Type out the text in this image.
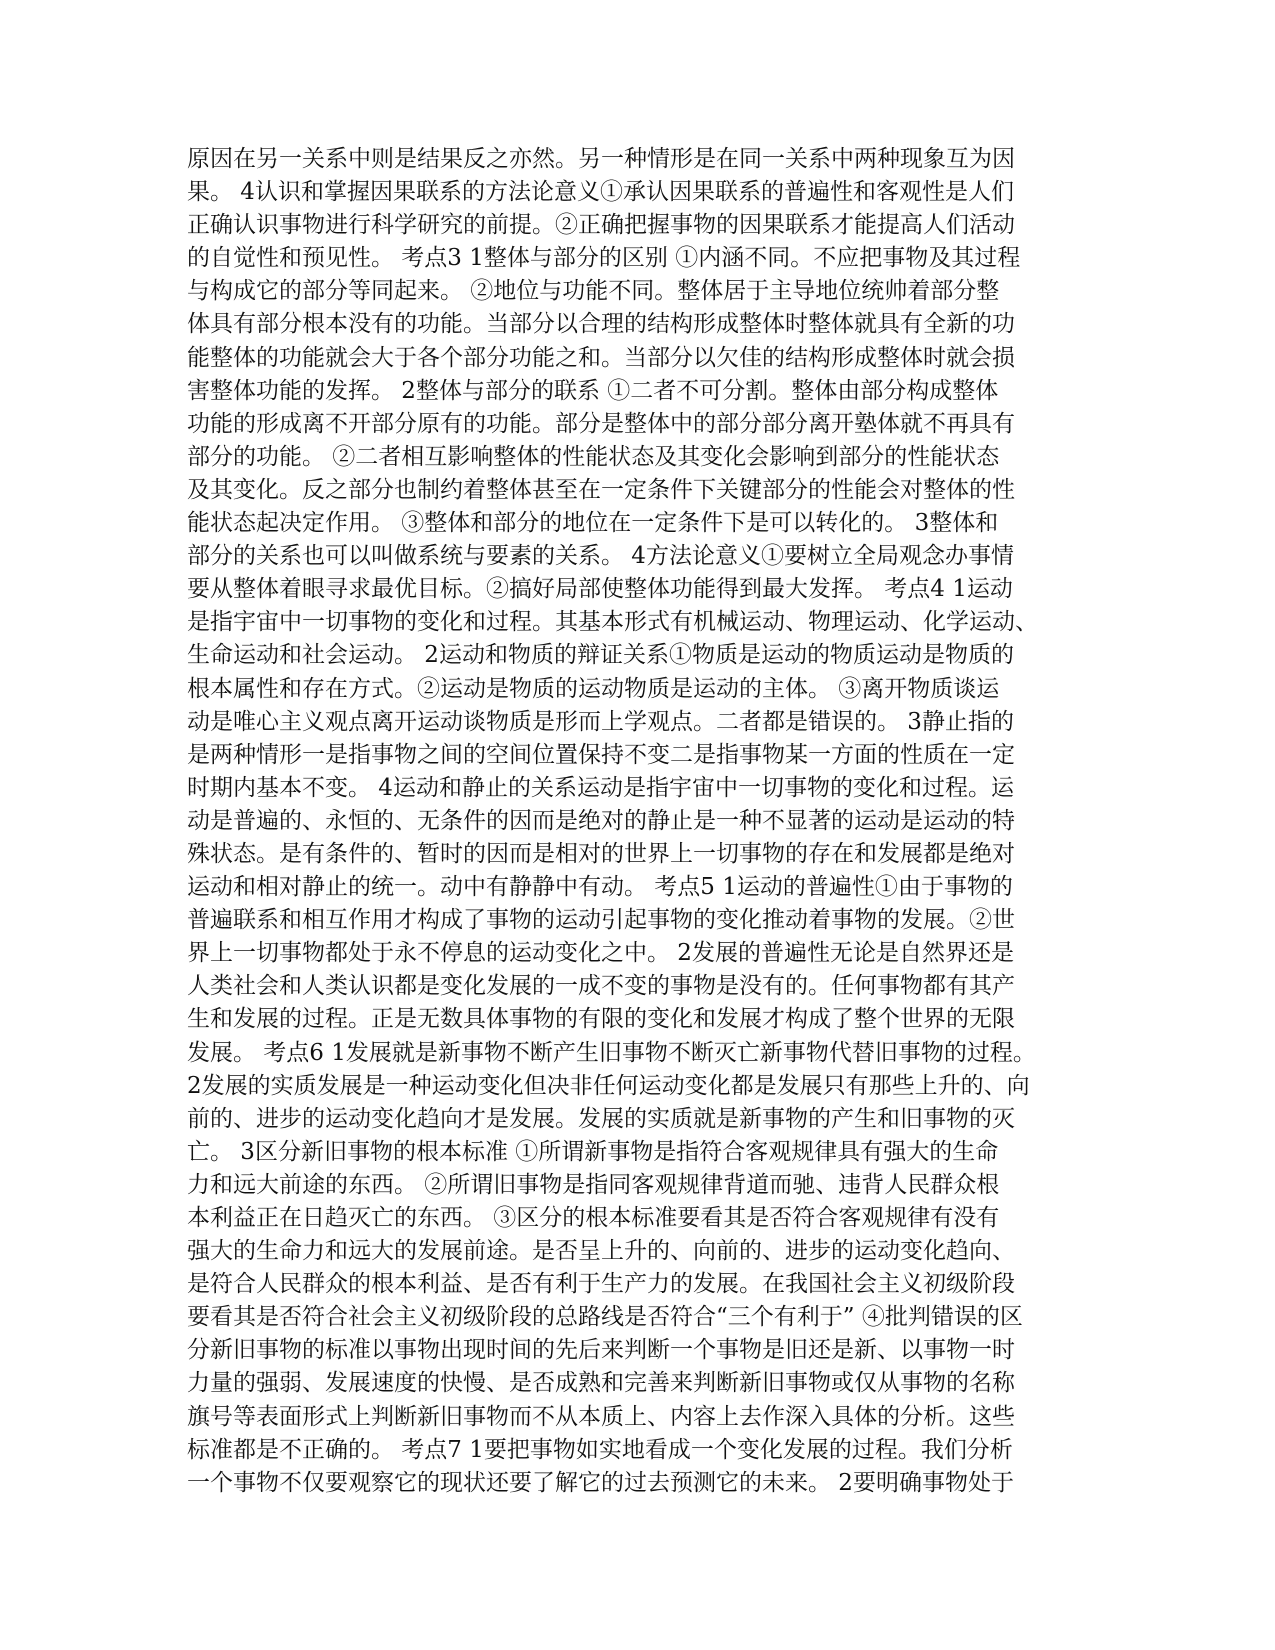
原因在另一关系中则是结果反之亦然。另一种情形是在同一关系中两种现象互为因
果。 4认识和掌握因果联系的方法论意义①承认因果联系的普遍性和客观性是人们
正确认识事物进行科学研究的前提。②正确把握事物的因果联系才能提高人们活动
的自觉性和预见性。 考点3 1整体与部分的区别 ①内涵不同。不应把事物及其过程
与构成它的部分等同起来。 ②地位与功能不同。整体居于主导地位统帅着部分整
体具有部分根本没有的功能。当部分以合理的结构形成整体时整体就具有全新的功
能整体的功能就会大于各个部分功能之和。当部分以欠佳的结构形成整体时就会损
害整体功能的发挥。 2整体与部分的联系 ①二者不可分割。整体由部分构成整体
功能的形成离不开部分原有的功能。部分是整体中的部分部分离开塾体就不再具有
部分的功能。 ②二者相互影响整体的性能状态及其变化会影响到部分的性能状态
及其变化。反之部分也制约着整体甚至在一定条件下关键部分的性能会对整体的性
能状态起决定作用。 ③整体和部分的地位在一定条件下是可以转化的。 3整体和
部分的关系也可以叫做系统与要素的关系。 4方法论意义①要树立全局观念办事情
要从整体着眼寻求最优目标。②搞好局部使整体功能得到最大发挥。 考点4 1运动
是指宇宙中一切事物的变化和过程。其基本形式有机械运动、物理运动、化学运动、
生命运动和社会运动。 2运动和物质的辩证关系①物质是运动的物质运动是物质的
根本属性和存在方式。②运动是物质的运动物质是运动的主体。 ③离开物质谈运
动是唯心主义观点离开运动谈物质是形而上学观点。二者都是错误的。 3静止指的
是两种情形一是指事物之间的空间位置保持不变二是指事物某一方面的性质在一定
时期内基本不变。 4运动和静止的关系运动是指宇宙中一切事物的变化和过程。运
动是普遍的、永恒的、无条件的因而是绝对的静止是一种不显著的运动是运动的特
殊状态。是有条件的、暂时的因而是相对的世界上一切事物的存在和发展都是绝对
运动和相对静止的统一。动中有静静中有动。 考点5 1运动的普遍性①由于事物的
普遍联系和相互作用才构成了事物的运动引起事物的变化推动着事物的发展。②世
界上一切事物都处于永不停息的运动变化之中。 2发展的普遍性无论是自然界还是
人类社会和人类认识都是变化发展的一成不变的事物是没有的。任何事物都有其产
生和发展的过程。正是无数具体事物的有限的变化和发展才构成了整个世界的无限
发展。 考点6 1发展就是新事物不断产生旧事物不断灭亡新事物代替旧事物的过程。
2发展的实质发展是一种运动变化但决非任何运动变化都是发展只有那些上升的、向
前的、进步的运动变化趋向才是发展。发展的实质就是新事物的产生和旧事物的灭
亡。 3区分新旧事物的根本标准 ①所谓新事物是指符合客观规律具有强大的生命
力和远大前途的东西。 ②所谓旧事物是指同客观规律背道而驰、违背人民群众根
本利益正在日趋灭亡的东西。 ③区分的根本标准要看其是否符合客观规律有没有
强大的生命力和远大的发展前途。是否呈上升的、向前的、进步的运动变化趋向、
是符合人民群众的根本利益、是否有利于生产力的发展。在我国社会主义初级阶段
要看其是否符合社会主义初级阶段的总路线是否符合“三个有利于” ④批判错误的区
分新旧事物的标准以事物出现时间的先后来判断一个事物是旧还是新、以事物一时
力量的强弱、发展速度的快慢、是否成熟和完善来判断新旧事物或仅从事物的名称
旗号等表面形式上判断新旧事物而不从本质上、内容上去作深入具体的分析。这些
标准都是不正确的。 考点7 1要把事物如实地看成一个变化发展的过程。我们分析
一个事物不仅要观察它的现状还要了解它的过去预测它的未来。 2要明确事物处于
